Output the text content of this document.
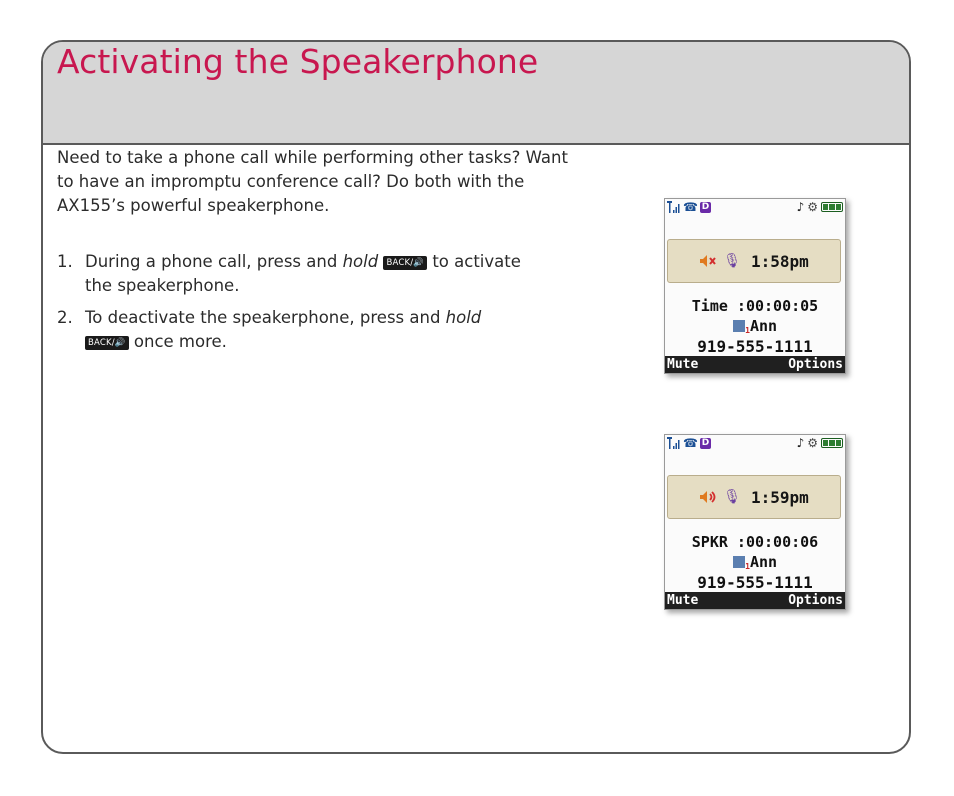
Activating the Speakerphone

Need to take a phone call while performing other tasks? Want to have an impromptu conference call? Do both with the AX155’s powerful speakerphone.

1. During a phone call, press and hold BACK/🔊 to activate the speakerphone.
2. To deactivate the speakerphone, press and hold BACK/🔊 once more.
☎ D	♪ ⚙
🎙 1:58pm
Time :00:00:05
1
Ann
919-555-1111
Mute	Options
☎ D	♪ ⚙
🎙 1:59pm
SPKR :00:00:06
1
Ann
919-555-1111
Mute	Options
